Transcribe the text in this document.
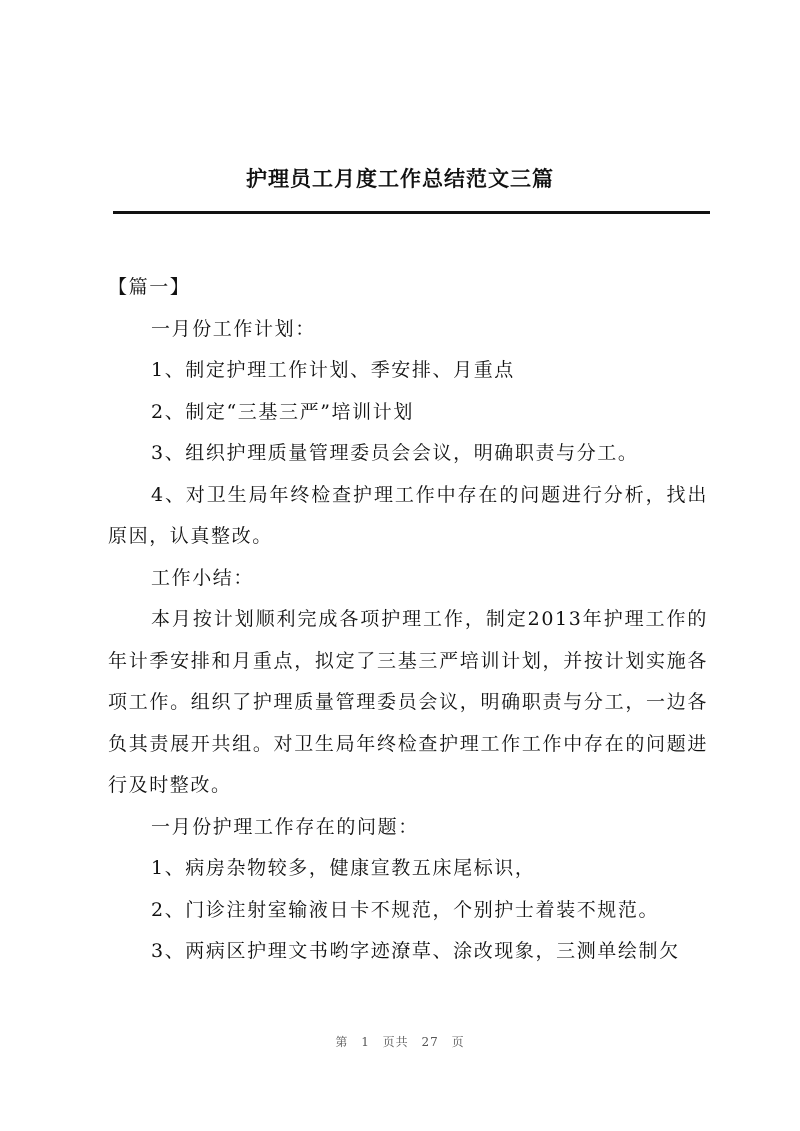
护理员工月度工作总结范文三篇

【篇一】

一月份工作计划：

1、制定护理工作计划、季安排、月重点

2、制定“三基三严”培训计划

3、组织护理质量管理委员会会议，明确职责与分工。

4、对卫生局年终检查护理工作中存在的问题进行分析，找出原因，认真整改。

工作小结：

本月按计划顺利完成各项护理工作，制定2013年护理工作的年计季安排和月重点，拟定了三基三严培训计划，并按计划实施各项工作。组织了护理质量管理委员会议，明确职责与分工，一边各负其责展开共组。对卫生局年终检查护理工作工作中存在的问题进行及时整改。

一月份护理工作存在的问题：

1、病房杂物较多，健康宣教五床尾标识，

2、门诊注射室输液日卡不规范，个别护士着装不规范。

3、两病区护理文书哟字迹潦草、涂改现象，三测单绘制欠

第 1 页共 27 页
